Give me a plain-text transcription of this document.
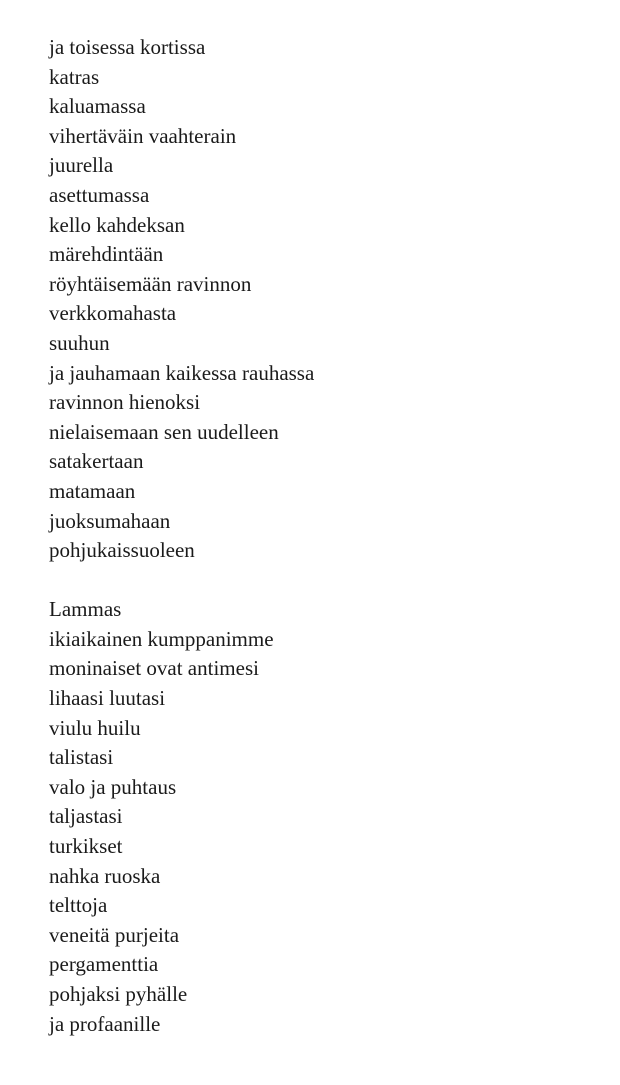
ja toisessa kortissa
katras
kaluamassa
vihertäväin vaahterain
juurella
asettumassa
kello kahdeksan
märehdintään
röyhtäisemään ravinnon
verkkomahasta
suuhun
ja jauhamaan kaikessa rauhassa
ravinnon hienoksi
nielaisemaan sen uudelleen
satakertaan
matamaan
juoksumahaan
pohjukaissuoleen
Lammas
ikiaikainen kumppanimme
moninaiset ovat antimesi
lihaasi luutasi
viulu huilu
talistasi
valo ja puhtaus
taljastasi
turkikset
nahka ruoska
telttoja
veneitä purjeita
pergamenttia
pohjaksi pyhälle
ja profaanille
